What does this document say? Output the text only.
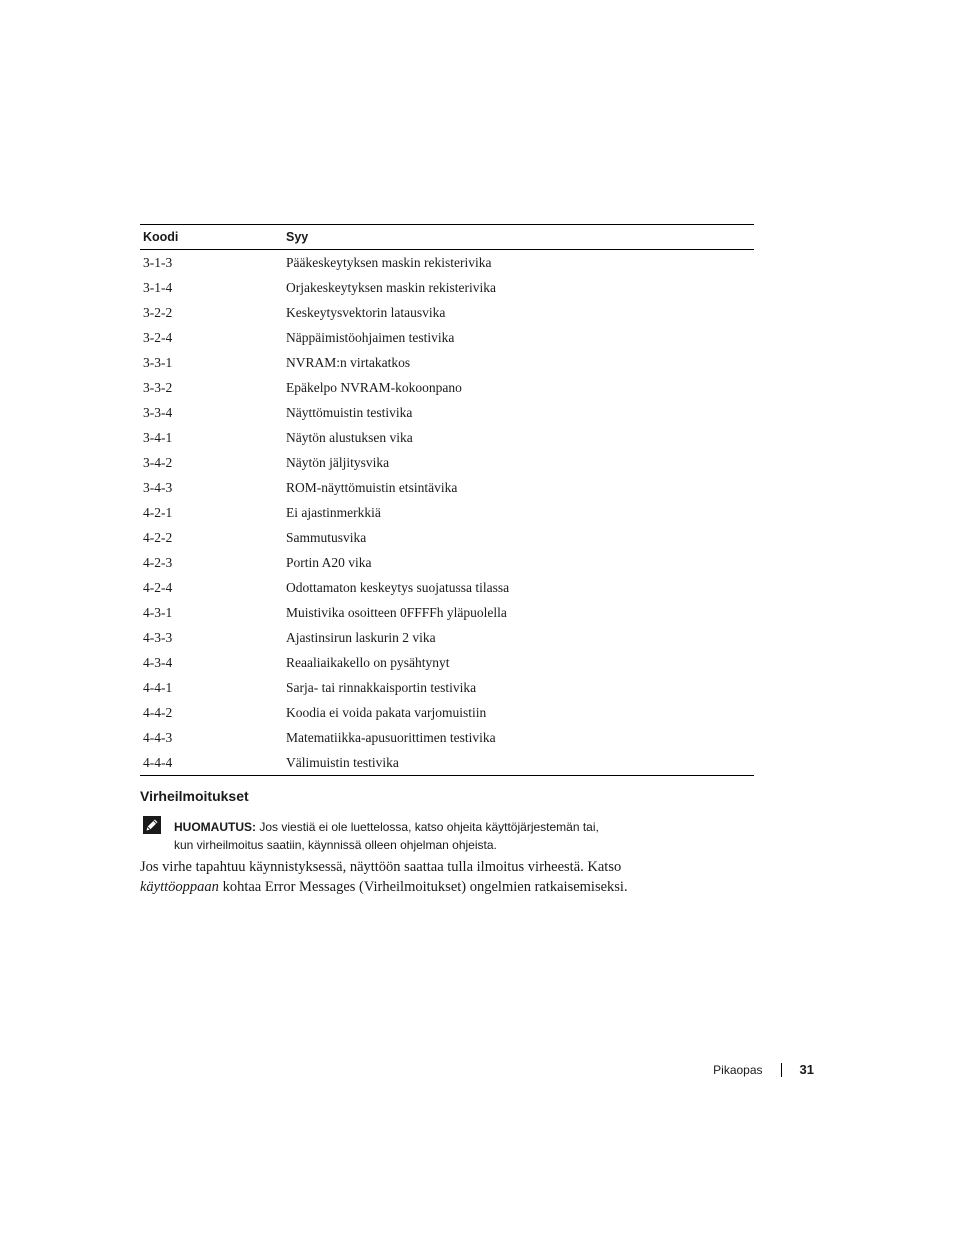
Koodi	Syy
3-1-3	Pääkeskeytyksen maskin rekisterivika
3-1-4	Orjakeskeytyksen maskin rekisterivika
3-2-2	Keskeytysvektorin latausvika
3-2-4	Näppäimistöohjaimen testivika
3-3-1	NVRAM:n virtakatkos
3-3-2	Epäkelpo NVRAM-kokoonpano
3-3-4	Näyttömuistin testivika
3-4-1	Näytön alustuksen vika
3-4-2	Näytön jäljitysvika
3-4-3	ROM-näyttömuistin etsintävika
4-2-1	Ei ajastinmerkkiä
4-2-2	Sammutusvika
4-2-3	Portin A20 vika
4-2-4	Odottamaton keskeytys suojatussa tilassa
4-3-1	Muistivika osoitteen 0FFFFh yläpuolella
4-3-3	Ajastinsirun laskurin 2 vika
4-3-4	Reaaliaikakello on pysähtynyt
4-4-1	Sarja- tai rinnakkaisportin testivika
4-4-2	Koodia ei voida pakata varjomuistiin
4-4-3	Matematiikka-apusuorittimen testivika
4-4-4	Välimuistin testivika
Virheilmoitukset
HUOMAUTUS: Jos viestiä ei ole luettelossa, katso ohjeita käyttöjärjestemän tai,
kun virheilmoitus saatiin, käynnissä olleen ohjelman ohjeista.

Jos virhe tapahtuu käynnistyksessä, näyttöön saattaa tulla ilmoitus virheestä. Katso
käyttöoppaan kohtaa Error Messages (Virheilmoitukset) ongelmien ratkaisemiseksi.

Pikaopas	31
